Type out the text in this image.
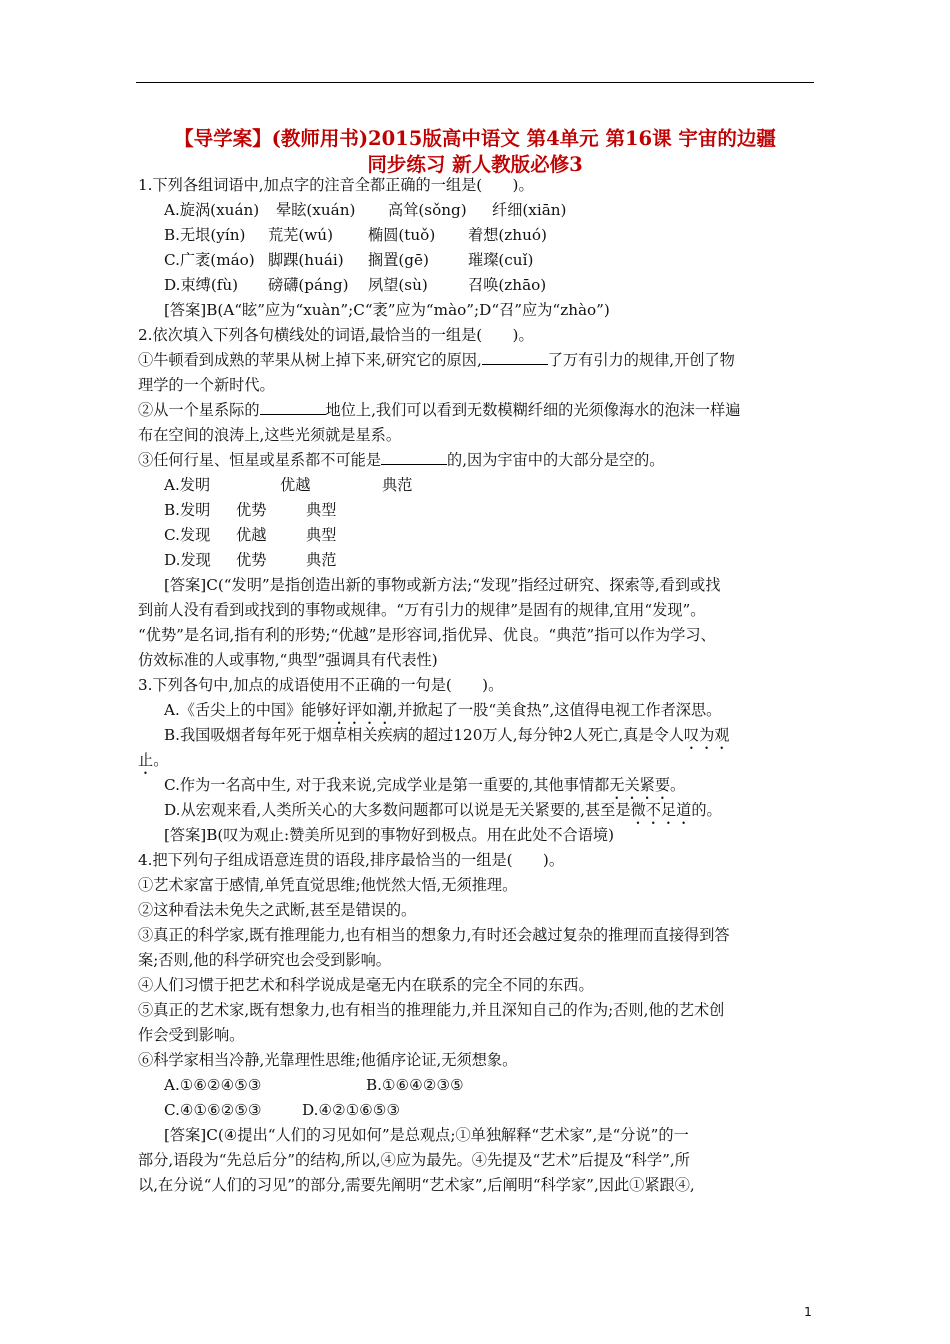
【导学案】(教师用书)2015版高中语文 第4单元 第16课 宇宙的边疆
同步练习 新人教版必修3
1.下列各组词语中,加点字的注音全都正确的一组是(　　)。
A.旋涡(xuán) 晕眩(xuán) 高耸(sǒng) 纤细(xiān)
B.无垠(yín) 荒芜(wú) 椭圆(tuǒ) 着想(zhuó)
C.广袤(máo) 脚踝(huái) 搁置(gē)	璀璨(cuǐ)
D.束缚(fù) 磅礴(páng) 夙望(sù)	召唤(zhāo)
[答案]B(A“眩”应为“xuàn”;C“袤”应为“mào”;D“召”应为“zhào”)
2.依次填入下列各句横线处的词语,最恰当的一组是(　　)。
①牛顿看到成熟的苹果从树上掉下来,研究它的原因,	了万有引力的规律,开创了物
理学的一个新时代。
②从一个星系际的	地位上,我们可以看到无数模糊纤细的光须像海水的泡沫一样遍
布在空间的浪涛上,这些光须就是星系。
③任何行星、恒星或星系都不可能是	的,因为宇宙中的大部分是空的。
A.发明	优越	典范
B.发明 优势	典型
C.发现 优越	典型
D.发现 优势	典范
[答案]C(“发明”是指创造出新的事物或新方法;“发现”指经过研究、探索等,看到或找
到前人没有看到或找到的事物或规律。“万有引力的规律”是固有的规律,宜用“发现”。
“优势”是名词,指有利的形势;“优越”是形容词,指优异、优良。“典范”指可以作为学习、
仿效标准的人或事物,“典型”强调具有代表性)
3.下列各句中,加点的成语使用不正确的一句是(　　)。
A.《舌尖上的中国》能够好评如潮,并掀起了一股“美食热”,这值得电视工作者深思。
B.我国吸烟者每年死于烟草相关疾病的超过120万人,每分钟2人死亡,真是令人叹为观
止。
C.作为一名高中生, 对于我来说,完成学业是第一重要的,其他事情都无关紧要。
D.从宏观来看,人类所关心的大多数问题都可以说是无关紧要的,甚至是微不足道的。
[答案]B(叹为观止:赞美所见到的事物好到极点。用在此处不合语境)
4.把下列句子组成语意连贯的语段,排序最恰当的一组是(　　)。
①艺术家富于感情,单凭直觉思维;他恍然大悟,无须推理。
②这种看法未免失之武断,甚至是错误的。
③真正的科学家,既有推理能力,也有相当的想象力,有时还会越过复杂的推理而直接得到答
案;否则,他的科学研究也会受到影响。
④人们习惯于把艺术和科学说成是毫无内在联系的完全不同的东西。
⑤真正的艺术家,既有想象力,也有相当的推理能力,并且深知自己的作为;否则,他的艺术创
作会受到影响。
⑥科学家相当冷静,光靠理性思维;他循序论证,无须想象。
A.①⑥②④⑤③	B.①⑥④②③⑤
C.④①⑥②⑤③	D.④②①⑥⑤③
[答案]C(④提出“人们的习见如何”是总观点;①单独解释“艺术家”,是“分说”的一
部分,语段为“先总后分”的结构,所以,④应为最先。④先提及“艺术”后提及“科学”,所
以,在分说“人们的习见”的部分,需要先阐明“艺术家”,后阐明“科学家”,因此①紧跟④,
1
